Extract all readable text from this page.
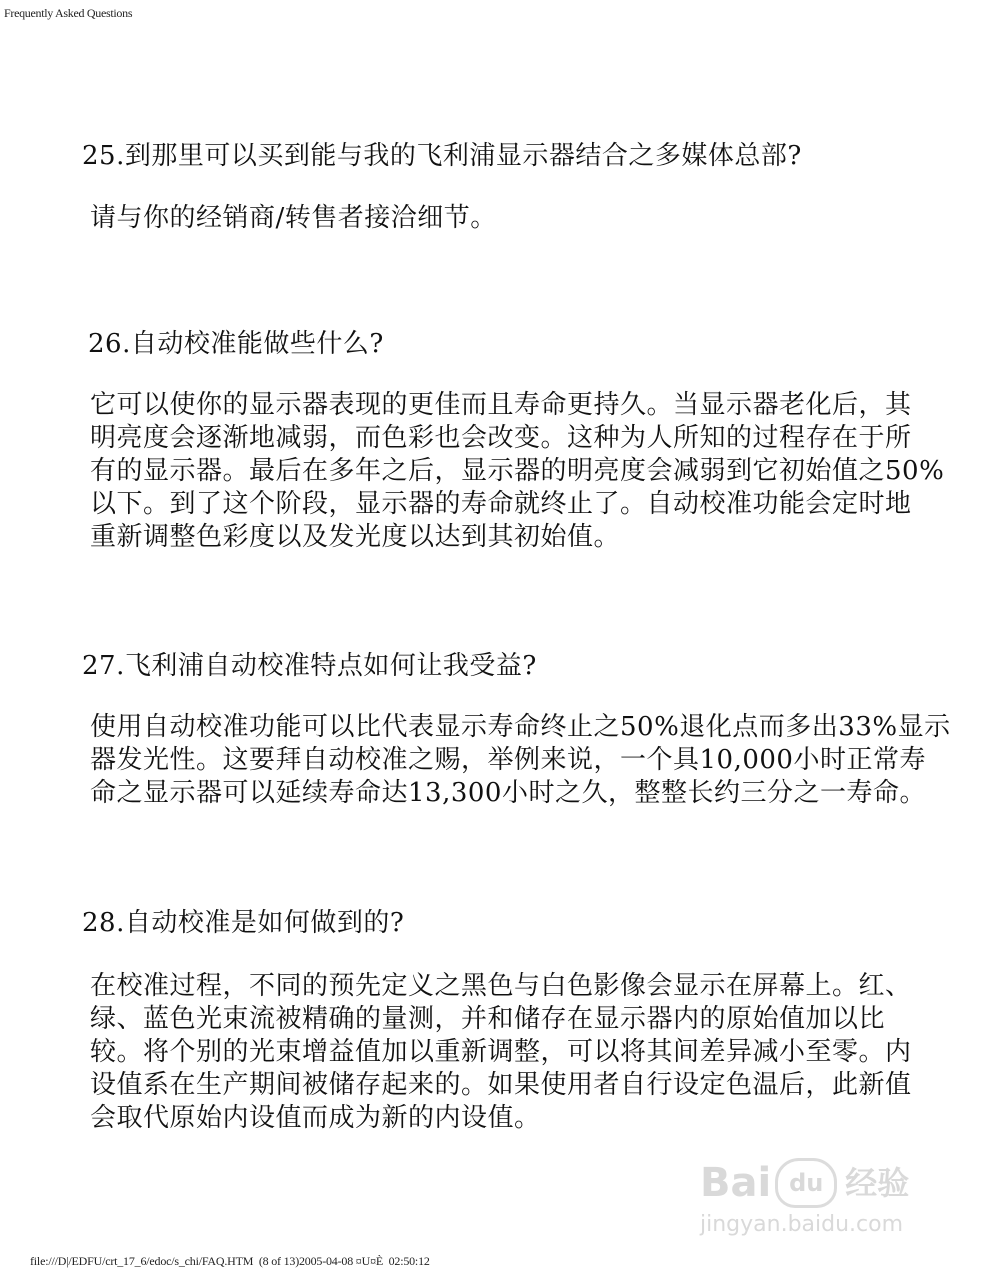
Frequently Asked Questions
25.到那里可以买到能与我的飞利浦显示器结合之多媒体总部?
请与你的经销商/转售者接洽细节。
26.自动校准能做些什么?
它可以使你的显示器表现的更佳而且寿命更持久。当显示器老化后，其
明亮度会逐渐地减弱，而色彩也会改变。这种为人所知的过程存在于所
有的显示器。最后在多年之后，显示器的明亮度会减弱到它初始值之50%
以下。到了这个阶段，显示器的寿命就终止了。自动校准功能会定时地
重新调整色彩度以及发光度以达到其初始值。
27.飞利浦自动校准特点如何让我受益?
使用自动校准功能可以比代表显示寿命终止之50%退化点而多出33%显示
器发光性。这要拜自动校准之赐，举例来说，一个具10,000小时正常寿
命之显示器可以延续寿命达13,300小时之久，整整长约三分之一寿命。
28.自动校准是如何做到的?
在校准过程，不同的预先定义之黑色与白色影像会显示在屏幕上。红、
绿、蓝色光束流被精确的量测，并和储存在显示器内的原始值加以比
较。将个别的光束增益值加以重新调整，可以将其间差异减小至零。内
设值系在生产期间被储存起来的。如果使用者自行设定色温后，此新值
会取代原始内设值而成为新的内设值。
Bai du 经验
jingyan.baidu.com
file:///D|/EDFU/crt_17_6/edoc/s_chi/FAQ.HTM  (8 of 13)2005-04-08 ¤U¤È  02:50:12
